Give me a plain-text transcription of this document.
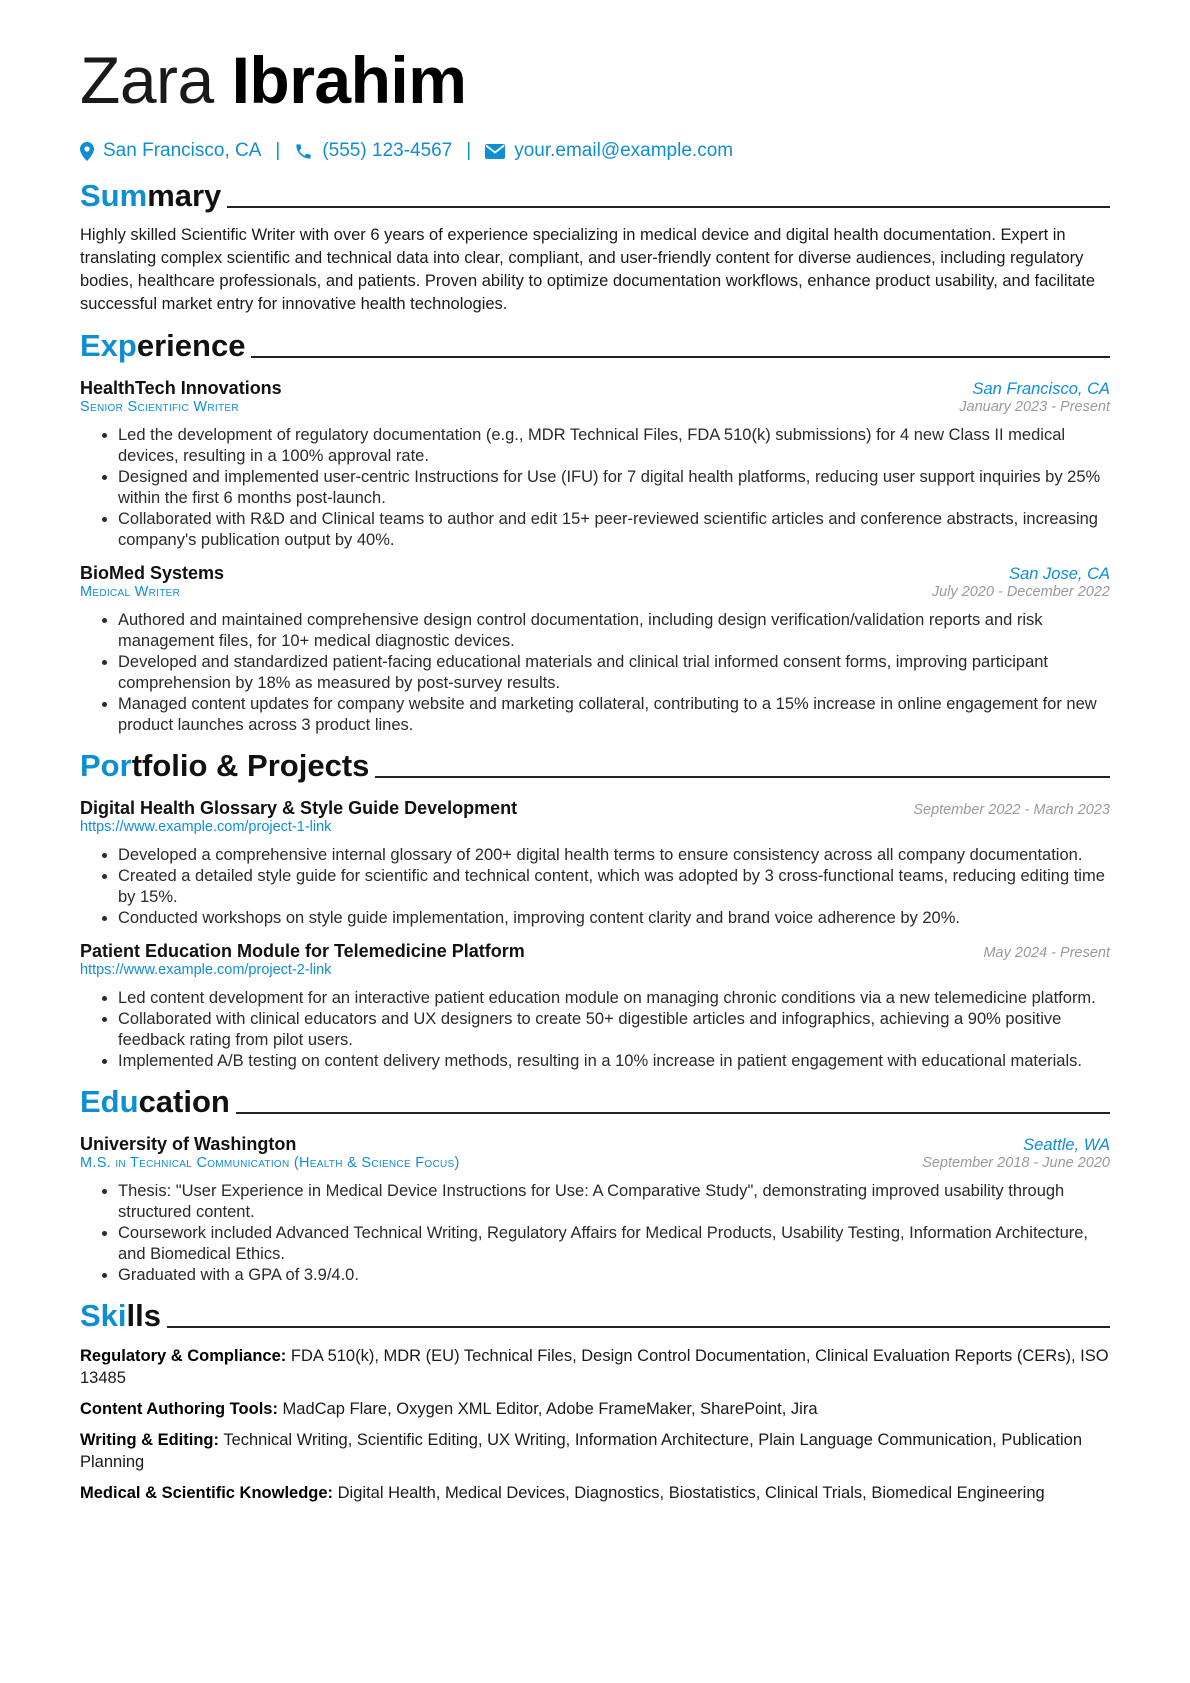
Zara Ibrahim
San Francisco, CA | (555) 123-4567 | your.email@example.com
Summary

Highly skilled Scientific Writer with over 6 years of experience specializing in medical device and digital health documentation. Expert in translating complex scientific and technical data into clear, compliant, and user-friendly content for diverse audiences, including regulatory bodies, healthcare professionals, and patients. Proven ability to optimize documentation workflows, enhance product usability, and facilitate successful market entry for innovative health technologies.

Experience
HealthTech Innovations	San Francisco, CA
Senior Scientific Writer	January 2023 - Present
• Led the development of regulatory documentation (e.g., MDR Technical Files, FDA 510(k) submissions) for 4 new Class II medical devices, resulting in a 100% approval rate.
• Designed and implemented user-centric Instructions for Use (IFU) for 7 digital health platforms, reducing user support inquiries by 25% within the first 6 months post-launch.
• Collaborated with R&D and Clinical teams to author and edit 15+ peer-reviewed scientific articles and conference abstracts, increasing company's publication output by 40%.
BioMed Systems	San Jose, CA
Medical Writer	July 2020 - December 2022
• Authored and maintained comprehensive design control documentation, including design verification/validation reports and risk management files, for 10+ medical diagnostic devices.
• Developed and standardized patient-facing educational materials and clinical trial informed consent forms, improving participant comprehension by 18% as measured by post-survey results.
• Managed content updates for company website and marketing collateral, contributing to a 15% increase in online engagement for new product launches across 3 product lines.
Portfolio & Projects
Digital Health Glossary & Style Guide Development	September 2022 - March 2023
https://www.example.com/project-1-link
• Developed a comprehensive internal glossary of 200+ digital health terms to ensure consistency across all company documentation.
• Created a detailed style guide for scientific and technical content, which was adopted by 3 cross-functional teams, reducing editing time by 15%.
• Conducted workshops on style guide implementation, improving content clarity and brand voice adherence by 20%.
Patient Education Module for Telemedicine Platform	May 2024 - Present
https://www.example.com/project-2-link
• Led content development for an interactive patient education module on managing chronic conditions via a new telemedicine platform.
• Collaborated with clinical educators and UX designers to create 50+ digestible articles and infographics, achieving a 90% positive feedback rating from pilot users.
• Implemented A/B testing on content delivery methods, resulting in a 10% increase in patient engagement with educational materials.
Education
University of Washington	Seattle, WA
M.S. in Technical Communication (Health & Science Focus)	September 2018 - June 2020
• Thesis: "User Experience in Medical Device Instructions for Use: A Comparative Study", demonstrating improved usability through structured content.
• Coursework included Advanced Technical Writing, Regulatory Affairs for Medical Products, Usability Testing, Information Architecture, and Biomedical Ethics.
• Graduated with a GPA of 3.9/4.0.
Skills

Regulatory & Compliance: FDA 510(k), MDR (EU) Technical Files, Design Control Documentation, Clinical Evaluation Reports (CERs), ISO 13485

Content Authoring Tools: MadCap Flare, Oxygen XML Editor, Adobe FrameMaker, SharePoint, Jira

Writing & Editing: Technical Writing, Scientific Editing, UX Writing, Information Architecture, Plain Language Communication, Publication Planning

Medical & Scientific Knowledge: Digital Health, Medical Devices, Diagnostics, Biostatistics, Clinical Trials, Biomedical Engineering
